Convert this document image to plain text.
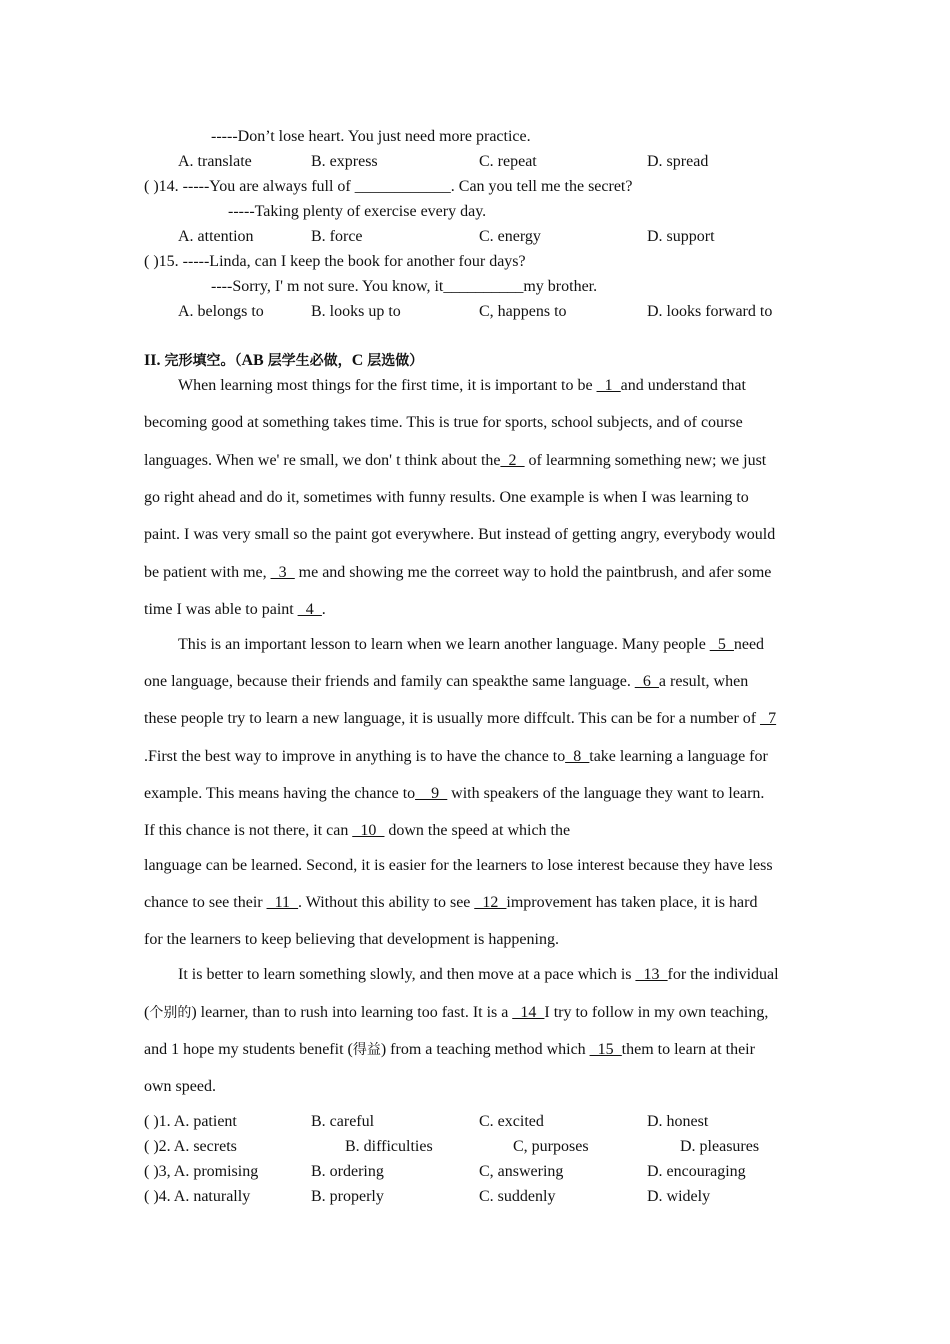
-----Don’t lose heart. You just need more practice.
A. translate	B. express	C. repeat	D. spread
( )14. -----You are always full of ____________. Can you tell me the secret?
-----Taking plenty of exercise every day.
A. attention	B. force	C. energy	D. support
( )15. -----Linda, can I keep the book for another four days?
----Sorry, I' m not sure. You know, it__________my brother.
A. belongs to	B. looks up to	C, happens to	D. looks forward to
II. 完形填空。（AB 层学生必做，C 层选做）
When learning most things for the first time, it is important to be _1_and understand that
becoming good at something takes time. This is true for sports, school subjects, and of course
languages. When we' re small, we don' t think about the_2_ of learmning something new; we just
go right ahead and do it, sometimes with funny results. One example is when I was learning to
paint. I was very small so the paint got everywhere. But instead of getting angry, everybody would
be patient with me, _3_ me and showing me the correet way to hold the paintbrush, and afer some
time I was able to paint _4_.
This is an important lesson to learn when we learn another language. Many people _5_need
one language, because their friends and family can speakthe same language. _6_a result, when
these people try to learn a new language, it is usually more diffcult. This can be for a number of _7
.First the best way to improve in anything is to have the chance to_8_take learning a language for
example. This means having the chance to__9_ with speakers of the language they want to learn.
If this chance is not there, it can _10_ down the speed at which the
language can be learned. Second, it is easier for the learners to lose interest because they have less
chance to see their _11_. Without this ability to see _12_improvement has taken place, it is hard
for the learners to keep believing that development is happening.
It is better to learn something slowly, and then move at a pace which is _13_for the individual
(个别的) learner, than to rush into learning too fast. It is a _14_I try to follow in my own teaching,
and 1 hope my students benefit (得益) from a teaching method which _15_them to learn at their
own speed.
( )1. A. patient	B. careful	C. excited	D. honest
( )2. A. secrets	B. difficulties	C, purposes	D. pleasures
( )3, A. promising	B. ordering	C, answering	D. encouraging
( )4. A. naturally	B. properly	C. suddenly	D. widely
